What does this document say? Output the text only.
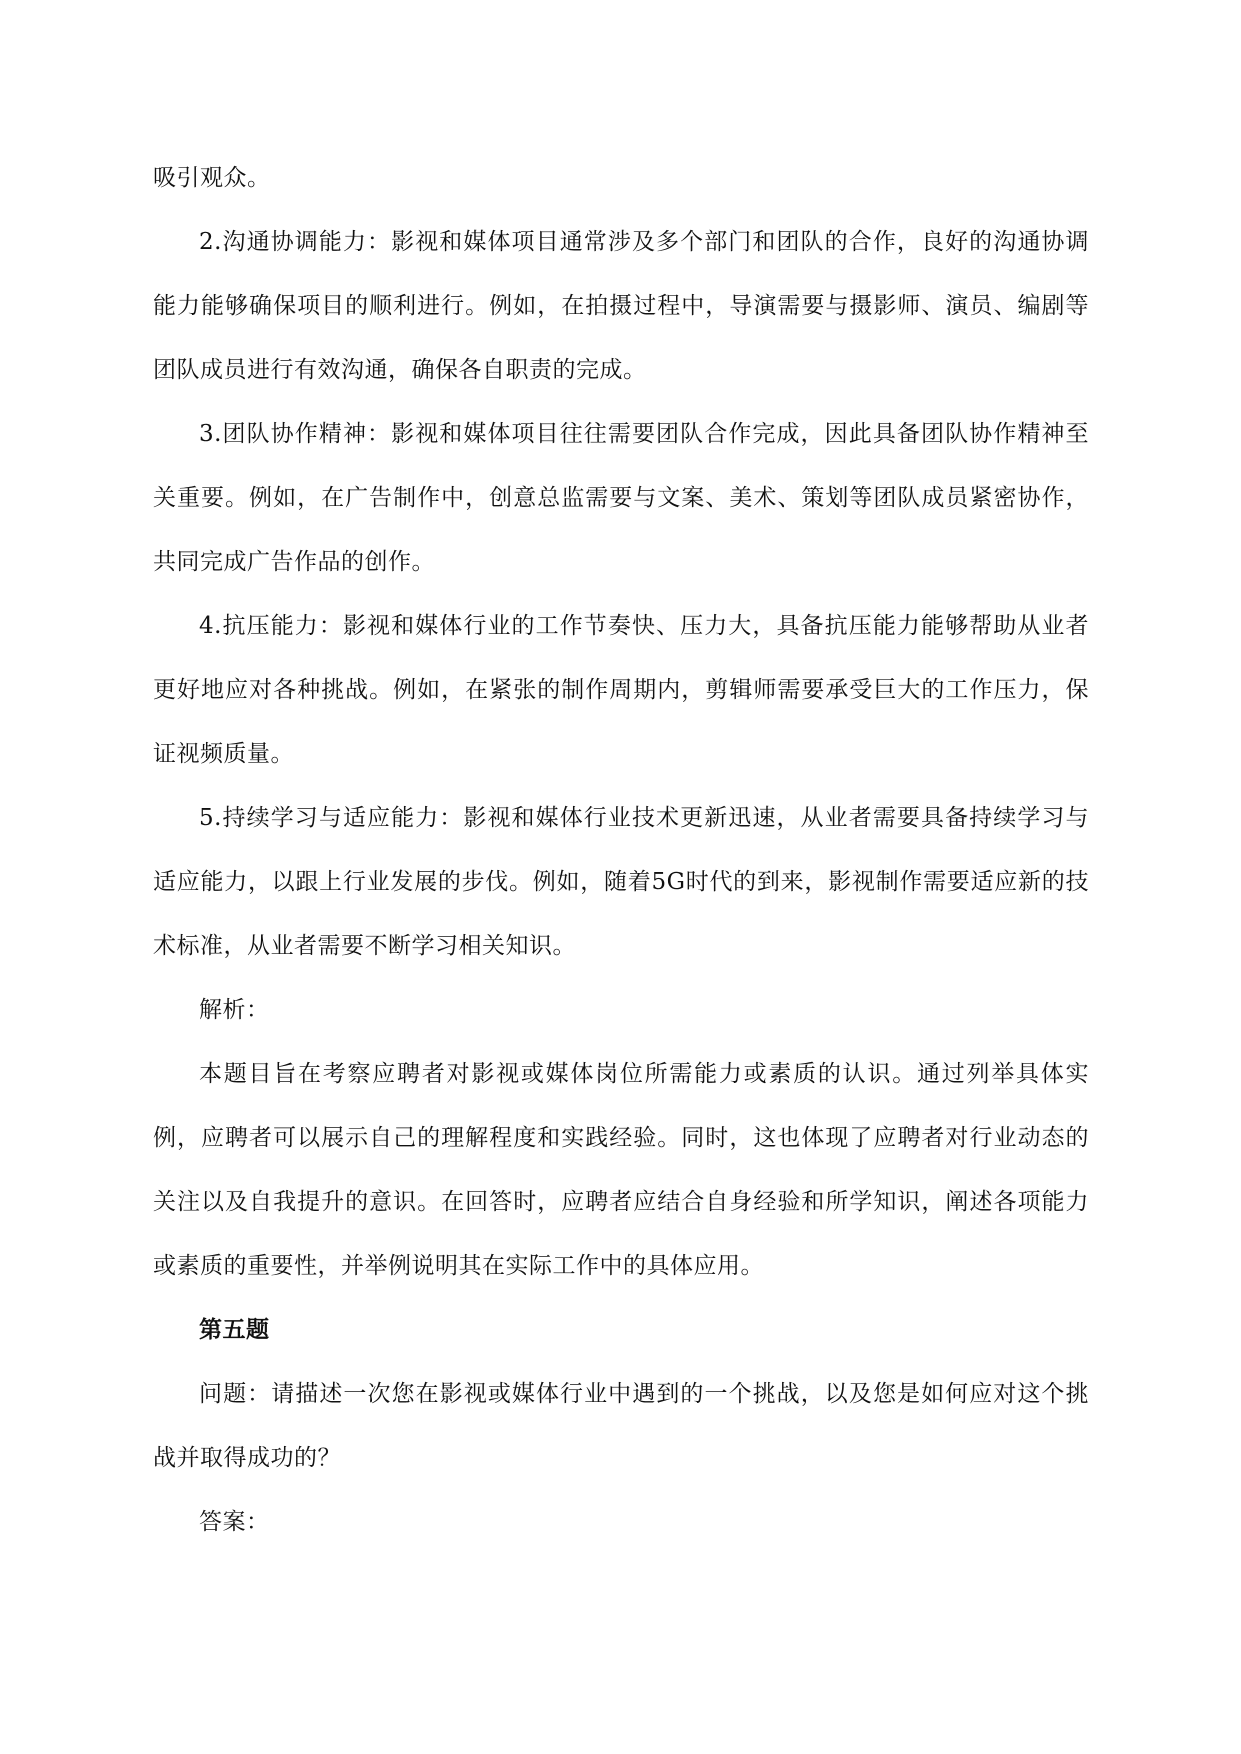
吸引观众。

2.沟通协调能力：影视和媒体项目通常涉及多个部门和团队的合作，良好的沟通协调能力能够确保项目的顺利进行。例如，在拍摄过程中，导演需要与摄影师、演员、编剧等团队成员进行有效沟通，确保各自职责的完成。

3.团队协作精神：影视和媒体项目往往需要团队合作完成，因此具备团队协作精神至关重要。例如，在广告制作中，创意总监需要与文案、美术、策划等团队成员紧密协作，共同完成广告作品的创作。

4.抗压能力：影视和媒体行业的工作节奏快、压力大，具备抗压能力能够帮助从业者更好地应对各种挑战。例如，在紧张的制作周期内，剪辑师需要承受巨大的工作压力，保证视频质量。

5.持续学习与适应能力：影视和媒体行业技术更新迅速，从业者需要具备持续学习与适应能力，以跟上行业发展的步伐。例如，随着5G时代的到来，影视制作需要适应新的技术标准，从业者需要不断学习相关知识。

解析：

本题目旨在考察应聘者对影视或媒体岗位所需能力或素质的认识。通过列举具体实例，应聘者可以展示自己的理解程度和实践经验。同时，这也体现了应聘者对行业动态的关注以及自我提升的意识。在回答时，应聘者应结合自身经验和所学知识，阐述各项能力或素质的重要性，并举例说明其在实际工作中的具体应用。

第五题

问题：请描述一次您在影视或媒体行业中遇到的一个挑战，以及您是如何应对这个挑战并取得成功的？

答案：
